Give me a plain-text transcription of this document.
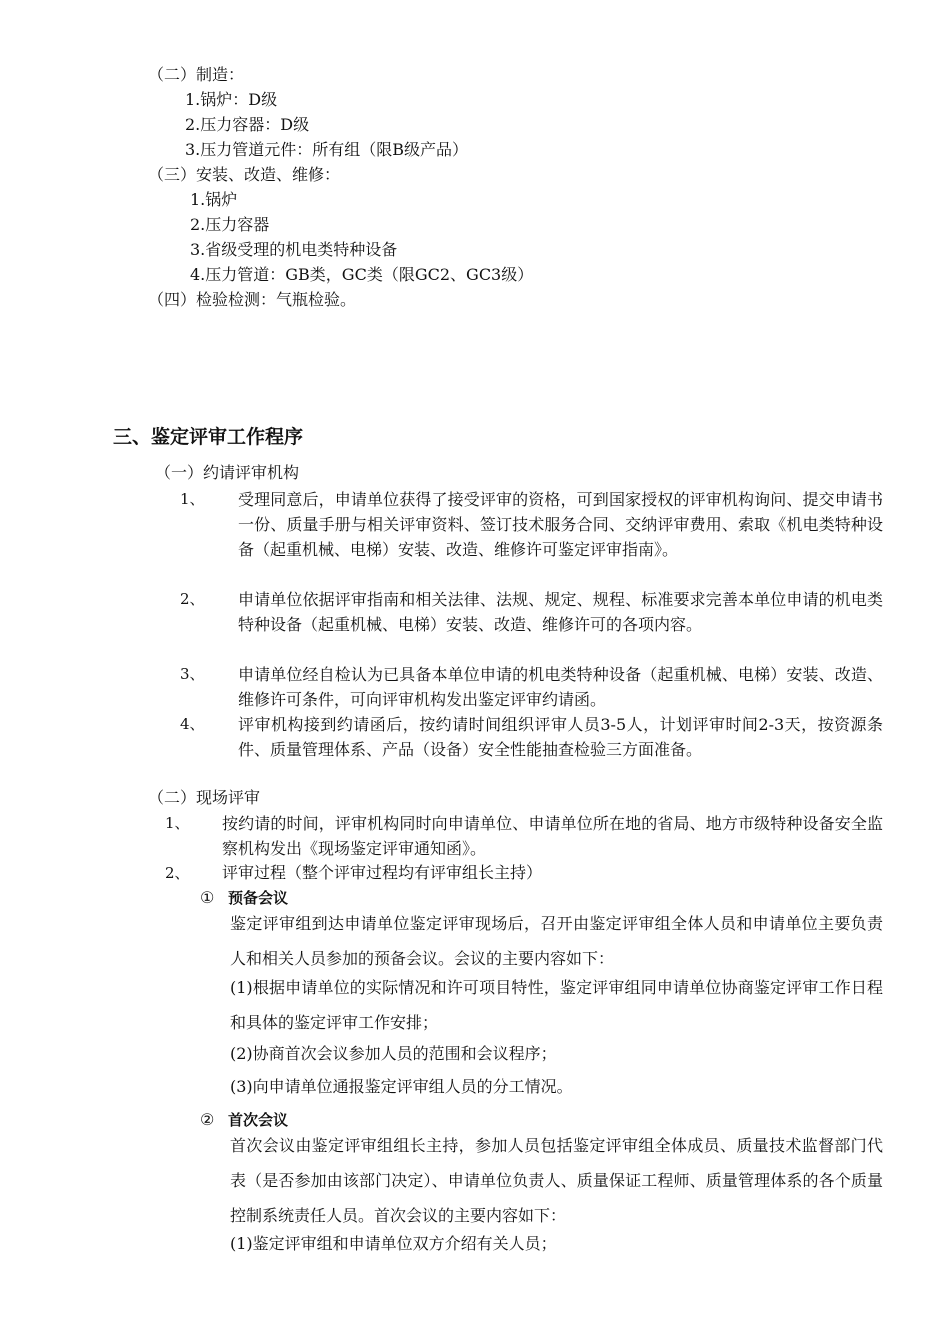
（二）制造：
1.锅炉：D级
2.压力容器：D级
3.压力管道元件：所有组（限B级产品）
（三）安装、改造、维修：
1.锅炉
2.压力容器
3.省级受理的机电类特种设备
4.压力管道：GB类，GC类（限GC2、GC3级）
（四）检验检测：气瓶检验。
三、鉴定评审工作程序
（一）约请评审机构
1、 受理同意后，申请单位获得了接受评审的资格，可到国家授权的评审机构询问、提交申请书一份、质量手册与相关评审资料、签订技术服务合同、交纳评审费用、索取《机电类特种设备（起重机械、电梯）安装、改造、维修许可鉴定评审指南》。
2、 申请单位依据评审指南和相关法律、法规、规定、规程、标准要求完善本单位申请的机电类特种设备（起重机械、电梯）安装、改造、维修许可的各项内容。
3、 申请单位经自检认为已具备本单位申请的机电类特种设备（起重机械、电梯）安装、改造、维修许可条件，可向评审机构发出鉴定评审约请函。
4、 评审机构接到约请函后，按约请时间组织评审人员3-5人，计划评审时间2-3天，按资源条件、质量管理体系、产品（设备）安全性能抽查检验三方面准备。
（二）现场评审
1、 按约请的时间，评审机构同时向申请单位、申请单位所在地的省局、地方市级特种设备安全监察机构发出《现场鉴定评审通知函》。
2、 评审过程（整个评审过程均有评审组长主持）
① 预备会议
鉴定评审组到达申请单位鉴定评审现场后，召开由鉴定评审组全体人员和申请单位主要负责人和相关人员参加的预备会议。会议的主要内容如下：
(1)根据申请单位的实际情况和许可项目特性，鉴定评审组同申请单位协商鉴定评审工作日程和具体的鉴定评审工作安排；
(2)协商首次会议参加人员的范围和会议程序；
(3)向申请单位通报鉴定评审组人员的分工情况。
② 首次会议
首次会议由鉴定评审组组长主持，参加人员包括鉴定评审组全体成员、质量技术监督部门代表（是否参加由该部门决定）、申请单位负责人、质量保证工程师、质量管理体系的各个质量控制系统责任人员。首次会议的主要内容如下：
(1)鉴定评审组和申请单位双方介绍有关人员；
